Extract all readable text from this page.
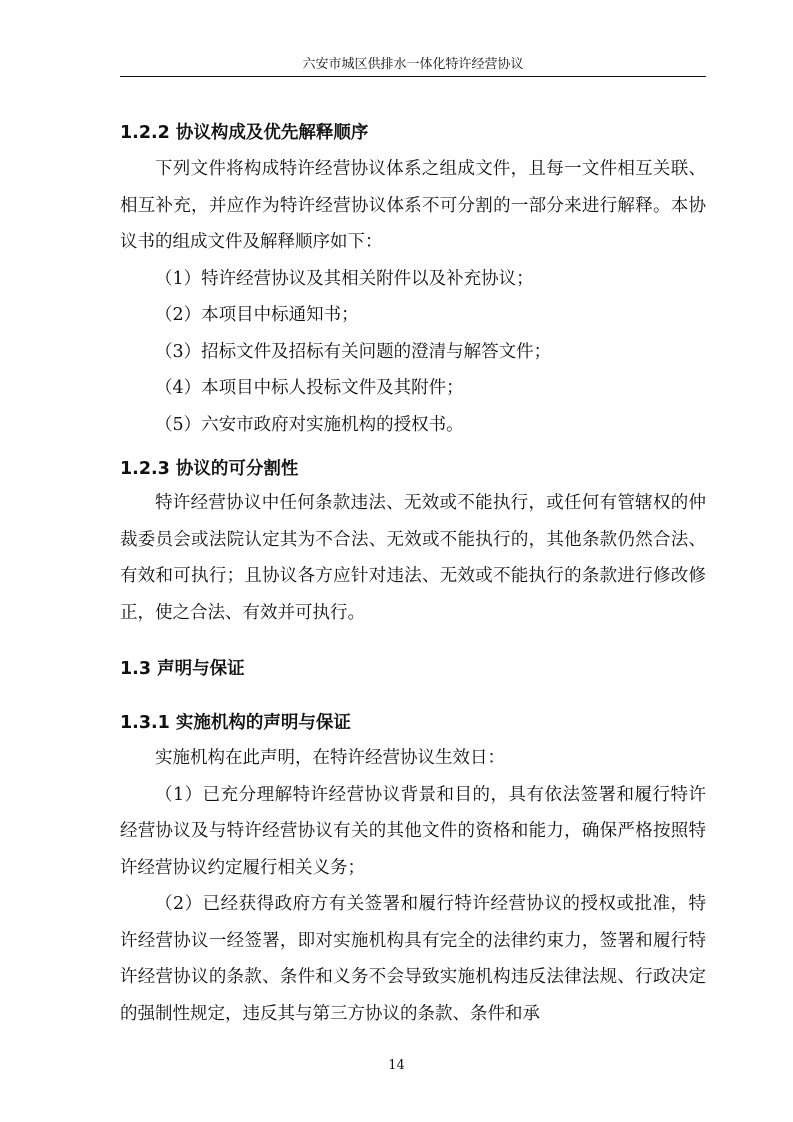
六安市城区供排水一体化特许经营协议
1.2.2 协议构成及优先解释顺序

下列文件将构成特许经营协议体系之组成文件，且每一文件相互关联、相互补充，并应作为特许经营协议体系不可分割的一部分来进行解释。本协议书的组成文件及解释顺序如下：

（1）特许经营协议及其相关附件以及补充协议；

（2）本项目中标通知书；

（3）招标文件及招标有关问题的澄清与解答文件；

（4）本项目中标人投标文件及其附件；

（5）六安市政府对实施机构的授权书。

1.2.3 协议的可分割性

特许经营协议中任何条款违法、无效或不能执行，或任何有管辖权的仲裁委员会或法院认定其为不合法、无效或不能执行的，其他条款仍然合法、有效和可执行；且协议各方应针对违法、无效或不能执行的条款进行修改修正，使之合法、有效并可执行。

1.3 声明与保证
1.3.1 实施机构的声明与保证

实施机构在此声明，在特许经营协议生效日：

（1）已充分理解特许经营协议背景和目的，具有依法签署和履行特许经营协议及与特许经营协议有关的其他文件的资格和能力，确保严格按照特许经营协议约定履行相关义务；

（2）已经获得政府方有关签署和履行特许经营协议的授权或批准，特许经营协议一经签署，即对实施机构具有完全的法律约束力，签署和履行特许经营协议的条款、条件和义务不会导致实施机构违反法律法规、行政决定的强制性规定，违反其与第三方协议的条款、条件和承

14
